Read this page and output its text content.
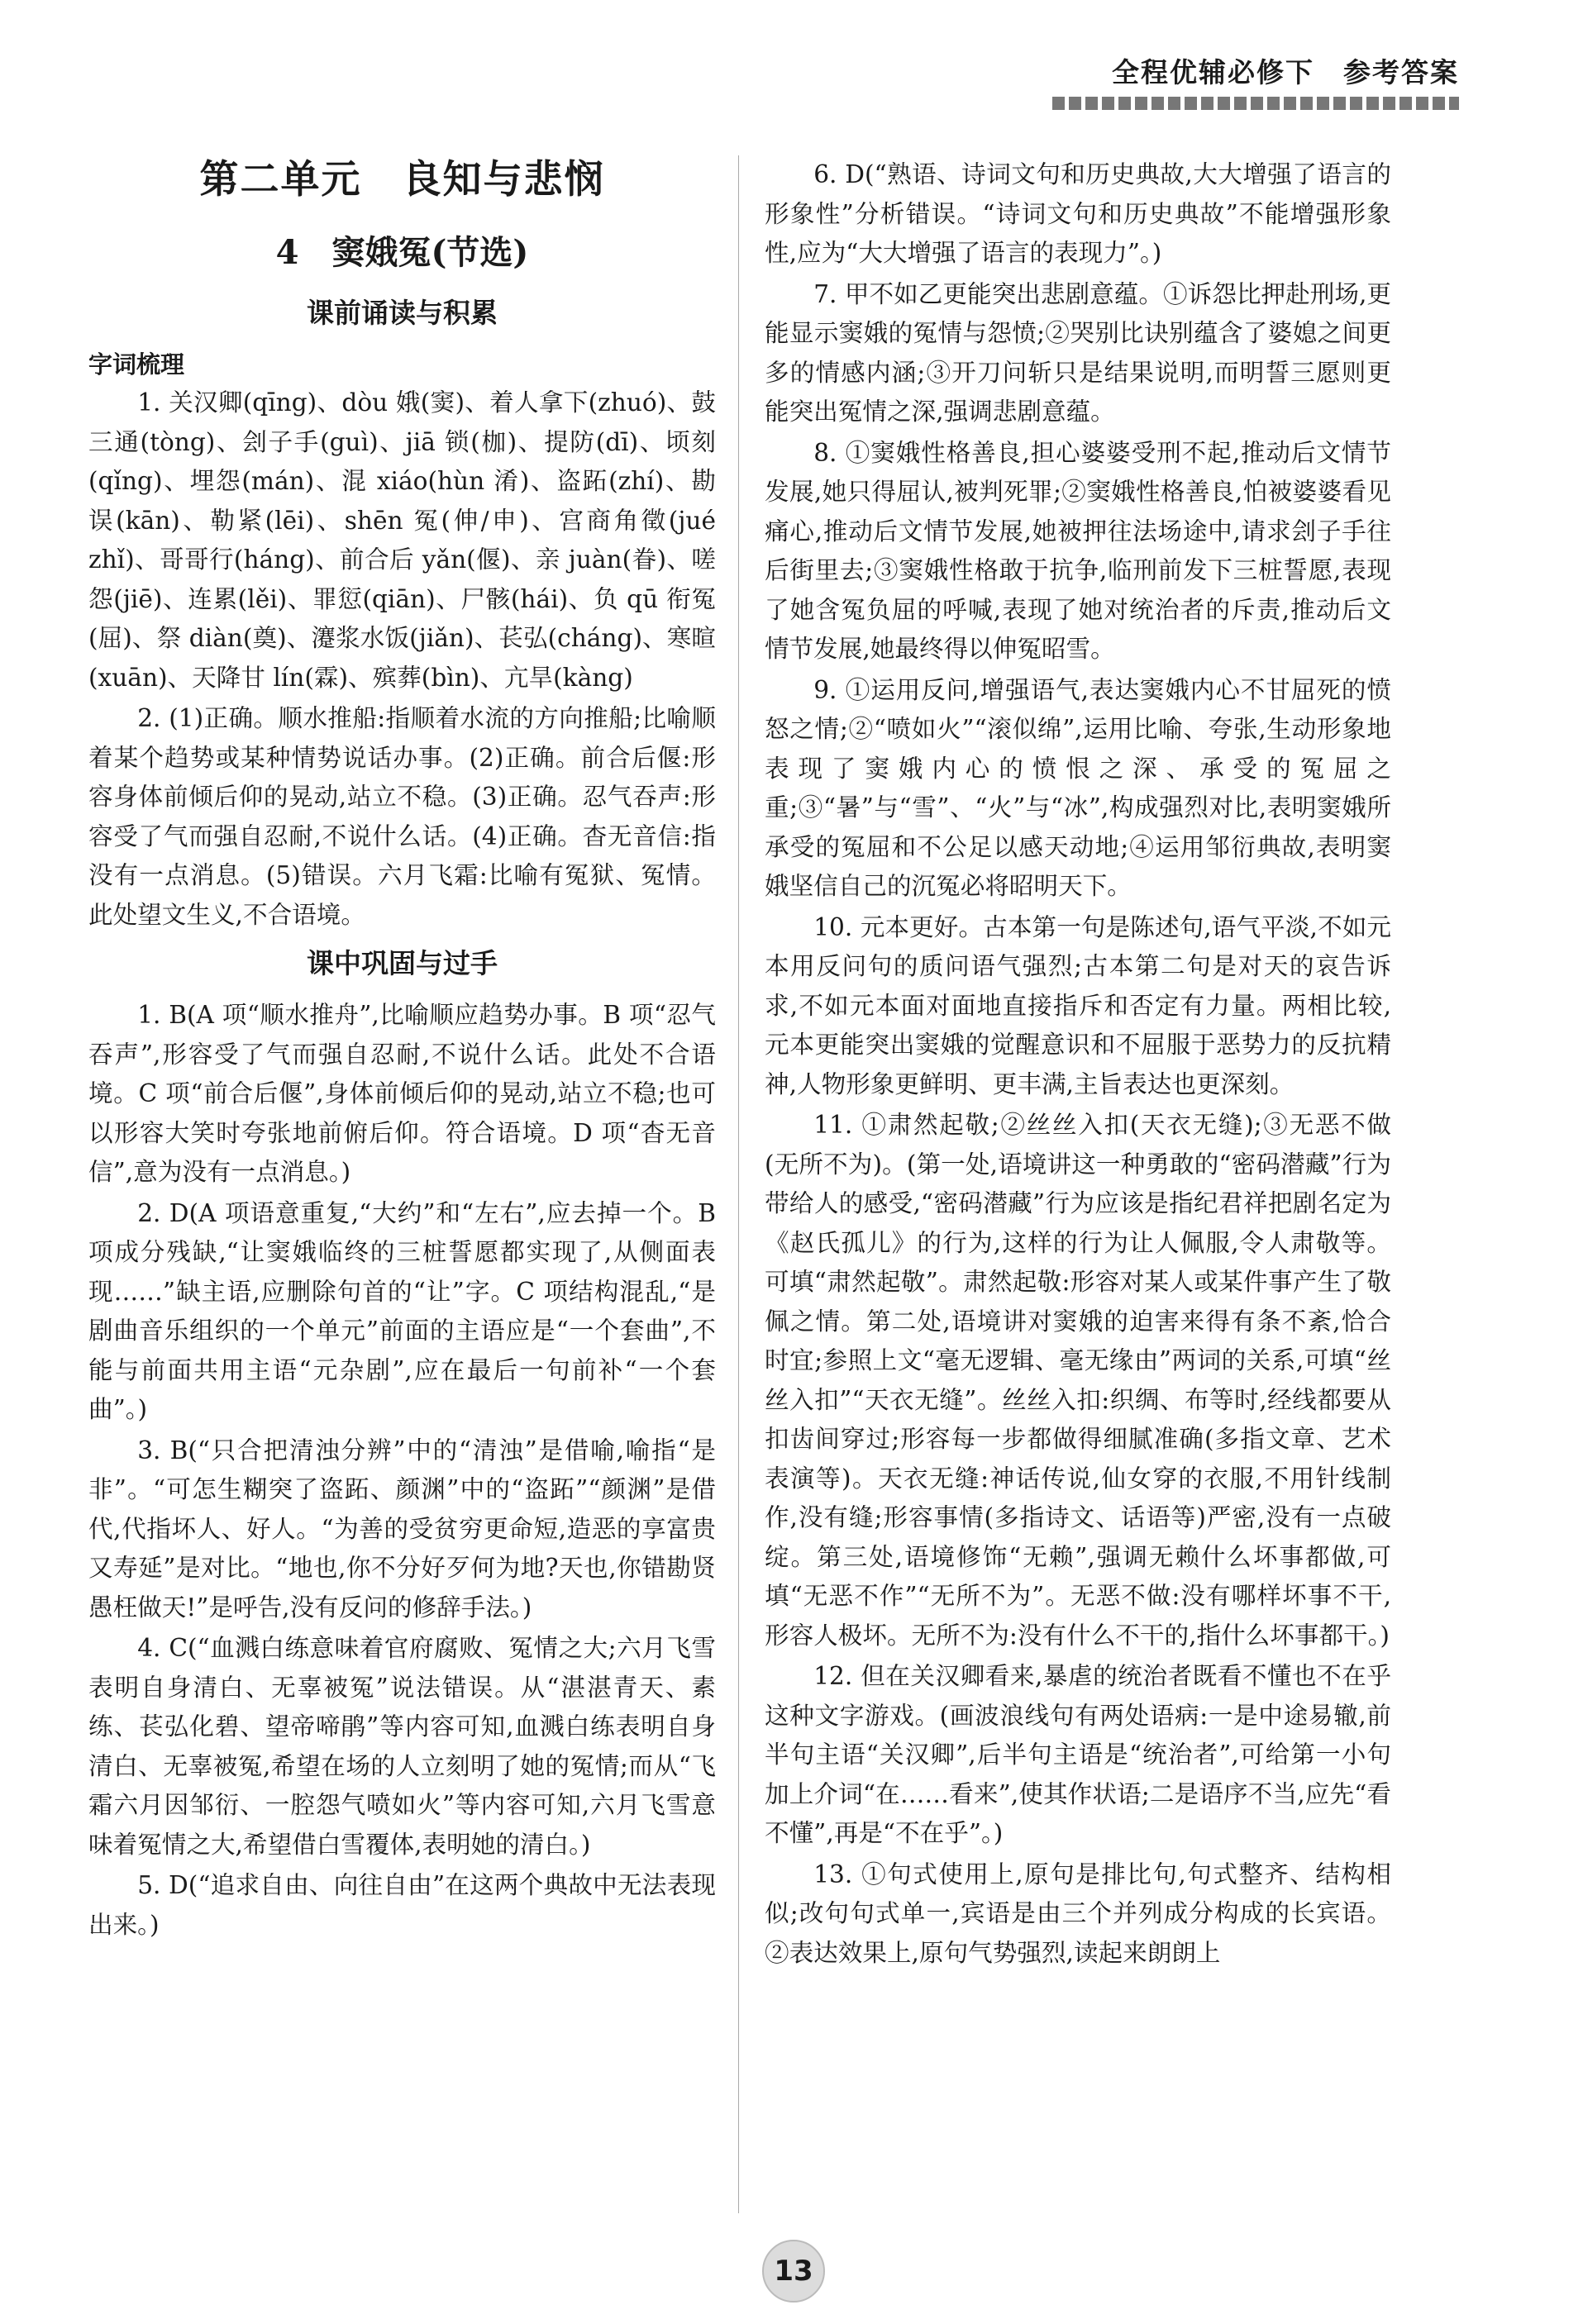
全程优辅必修下　参考答案
第二单元　良知与悲悯
4　窦娥冤(节选)
课前诵读与积累
字词梳理

1. 关汉卿(qīng)、dòu 娥(窦)、着人拿下(zhuó)、鼓三通(tòng)、刽子手(guì)、jiā 锁(枷)、提防(dī)、顷刻(qǐng)、埋怨(mán)、混 xiáo(hùn 淆)、盗跖(zhí)、勘误(kān)、勒紧(lēi)、shēn 冤(伸/申)、宫商角徵(jué zhǐ)、哥哥行(háng)、前合后 yǎn(偃)、亲 juàn(眷)、嗟怨(jiē)、连累(lěi)、罪愆(qiān)、尸骸(hái)、负 qū 衔冤(屈)、祭 diàn(奠)、瀽浆水饭(jiǎn)、苌弘(cháng)、寒暄(xuān)、天降甘 lín(霖)、殡葬(bìn)、亢旱(kàng)

2. (1)正确。顺水推船:指顺着水流的方向推船;比喻顺着某个趋势或某种情势说话办事。(2)正确。前合后偃:形容身体前倾后仰的晃动,站立不稳。(3)正确。忍气吞声:形容受了气而强自忍耐,不说什么话。(4)正确。杳无音信:指没有一点消息。(5)错误。六月飞霜:比喻有冤狱、冤情。此处望文生义,不合语境。

课中巩固与过手

1. B(A 项“顺水推舟”,比喻顺应趋势办事。B 项“忍气吞声”,形容受了气而强自忍耐,不说什么话。此处不合语境。C 项“前合后偃”,身体前倾后仰的晃动,站立不稳;也可以形容大笑时夸张地前俯后仰。符合语境。D 项“杳无音信”,意为没有一点消息。)

2. D(A 项语意重复,“大约”和“左右”,应去掉一个。B 项成分残缺,“让窦娥临终的三桩誓愿都实现了,从侧面表现……”缺主语,应删除句首的“让”字。C 项结构混乱,“是剧曲音乐组织的一个单元”前面的主语应是“一个套曲”,不能与前面共用主语“元杂剧”,应在最后一句前补“一个套曲”。)

3. B(“只合把清浊分辨”中的“清浊”是借喻,喻指“是非”。“可怎生糊突了盗跖、颜渊”中的“盗跖”“颜渊”是借代,代指坏人、好人。“为善的受贫穷更命短,造恶的享富贵又寿延”是对比。“地也,你不分好歹何为地?天也,你错勘贤愚枉做天!”是呼告,没有反问的修辞手法。)

4. C(“血溅白练意味着官府腐败、冤情之大;六月飞雪表明自身清白、无辜被冤”说法错误。从“湛湛青天、素练、苌弘化碧、望帝啼鹃”等内容可知,血溅白练表明自身清白、无辜被冤,希望在场的人立刻明了她的冤情;而从“飞霜六月因邹衍、一腔怨气喷如火”等内容可知,六月飞雪意味着冤情之大,希望借白雪覆体,表明她的清白。)

5. D(“追求自由、向往自由”在这两个典故中无法表现出来。)

6. D(“熟语、诗词文句和历史典故,大大增强了语言的形象性”分析错误。“诗词文句和历史典故”不能增强形象性,应为“大大增强了语言的表现力”。)

7. 甲不如乙更能突出悲剧意蕴。①诉怨比押赴刑场,更能显示窦娥的冤情与怨愤;②哭别比诀别蕴含了婆媳之间更多的情感内涵;③开刀问斩只是结果说明,而明誓三愿则更能突出冤情之深,强调悲剧意蕴。

8. ①窦娥性格善良,担心婆婆受刑不起,推动后文情节发展,她只得屈认,被判死罪;②窦娥性格善良,怕被婆婆看见痛心,推动后文情节发展,她被押往法场途中,请求刽子手往后街里去;③窦娥性格敢于抗争,临刑前发下三桩誓愿,表现了她含冤负屈的呼喊,表现了她对统治者的斥责,推动后文情节发展,她最终得以伸冤昭雪。

9. ①运用反问,增强语气,表达窦娥内心不甘屈死的愤怒之情;②“喷如火”“滚似绵”,运用比喻、夸张,生动形象地表现了窦娥内心的愤恨之深、承受的冤屈之重;③“暑”与“雪”、“火”与“冰”,构成强烈对比,表明窦娥所承受的冤屈和不公足以感天动地;④运用邹衍典故,表明窦娥坚信自己的沉冤必将昭明天下。

10. 元本更好。古本第一句是陈述句,语气平淡,不如元本用反问句的质问语气强烈;古本第二句是对天的哀告诉求,不如元本面对面地直接指斥和否定有力量。两相比较,元本更能突出窦娥的觉醒意识和不屈服于恶势力的反抗精神,人物形象更鲜明、更丰满,主旨表达也更深刻。

11. ①肃然起敬;②丝丝入扣(天衣无缝);③无恶不做(无所不为)。(第一处,语境讲这一种勇敢的“密码潜藏”行为带给人的感受,“密码潜藏”行为应该是指纪君祥把剧名定为《赵氏孤儿》的行为,这样的行为让人佩服,令人肃敬等。可填“肃然起敬”。肃然起敬:形容对某人或某件事产生了敬佩之情。第二处,语境讲对窦娥的迫害来得有条不紊,恰合时宜;参照上文“毫无逻辑、毫无缘由”两词的关系,可填“丝丝入扣”“天衣无缝”。丝丝入扣:织绸、布等时,经线都要从扣齿间穿过;形容每一步都做得细腻准确(多指文章、艺术表演等)。天衣无缝:神话传说,仙女穿的衣服,不用针线制作,没有缝;形容事情(多指诗文、话语等)严密,没有一点破绽。第三处,语境修饰“无赖”,强调无赖什么坏事都做,可填“无恶不作”“无所不为”。无恶不做:没有哪样坏事不干,形容人极坏。无所不为:没有什么不干的,指什么坏事都干。)

12. 但在关汉卿看来,暴虐的统治者既看不懂也不在乎这种文字游戏。(画波浪线句有两处语病:一是中途易辙,前半句主语“关汉卿”,后半句主语是“统治者”,可给第一小句加上介词“在……看来”,使其作状语;二是语序不当,应先“看不懂”,再是“不在乎”。)

13. ①句式使用上,原句是排比句,句式整齐、结构相似;改句句式单一,宾语是由三个并列成分构成的长宾语。②表达效果上,原句气势强烈,读起来朗朗上

13
